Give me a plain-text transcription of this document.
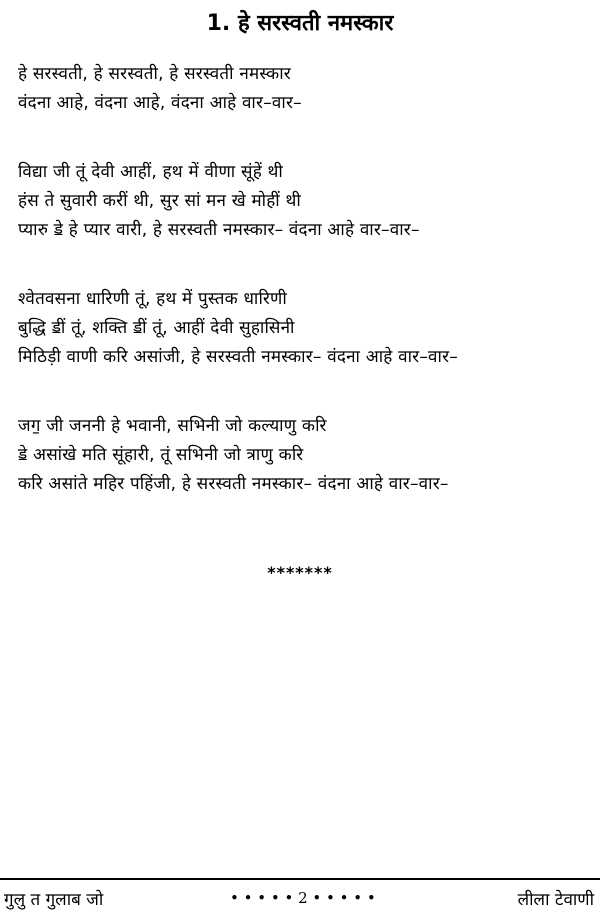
1. हे सरस्वती नमस्कार
हे सरस्वती, हे सरस्वती, हे सरस्वती नमस्कार
वंदना आहे, वंदना आहे, वंदना आहे वार–वार–
विद्या जी तूं देवी आहीं, हथ में वीणा सूंहें थी
हंस ते सुवारी करीं थी, सुर सां मन खे मोहीं थी
प्यारु ॾे हे प्यार वारी, हे सरस्वती नमस्कार– वंदना आहे वार–वार–
श्वेतवसना धारिणी तूं, हथ में पुस्तक धारिणी
बुद्धि ॾीं तूं, शक्ति ॾीं तूं, आहीं देवी सुहासिनी
मिठिड़ी वाणी करि असांजी, हे सरस्वती नमस्कार– वंदना आहे वार–वार–
जग॒ जी जननी हे भवानी, सभिनी जो कल्याणु करि
ॾे असांखे मति सूंहारी, तूं सभिनी जो त्राणु करि
करि असांते महिर पहिंजी, हे सरस्वती नमस्कार– वंदना आहे वार–वार–
*******
गुलु त गुलाब जो	• • • • • 2 • • • • •	लीला टेवाणी
